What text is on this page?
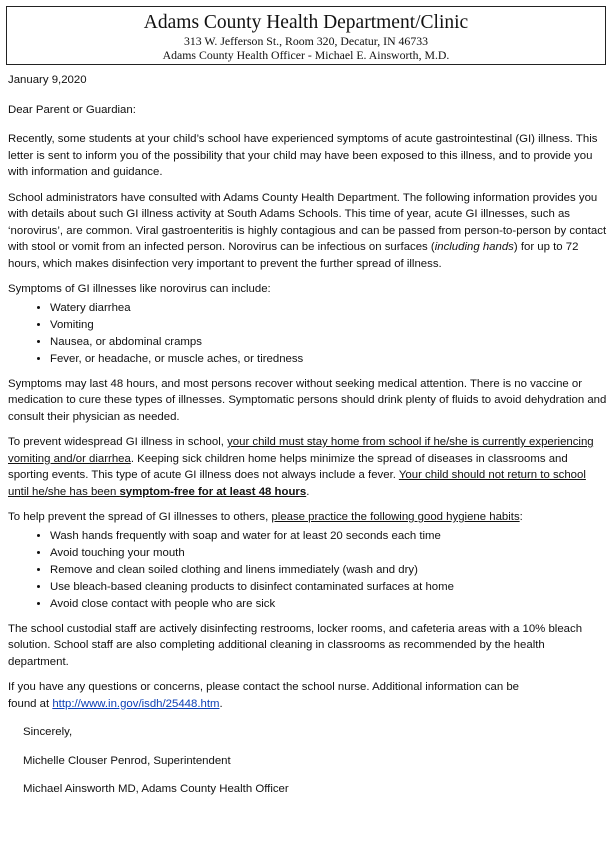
Adams County Health Department/Clinic
313 W. Jefferson St., Room 320, Decatur, IN 46733
Adams County Health Officer - Michael E. Ainsworth, M.D.

January 9,2020

Dear Parent or Guardian:

Recently, some students at your child’s school have experienced symptoms of acute gastrointestinal (GI) illness. This letter is sent to inform you of the possibility that your child may have been exposed to this illness, and to provide you with information and guidance.

School administrators have consulted with Adams County Health Department. The following information provides you with details about such GI illness activity at South Adams Schools. This time of year, acute GI illnesses, such as ‘norovirus’, are common. Viral gastroenteritis is highly contagious and can be passed from person-to-person by contact with stool or vomit from an infected person. Norovirus can be infectious on surfaces (including hands) for up to 72 hours, which makes disinfection very important to prevent the further spread of illness.

Symptoms of GI illnesses like norovirus can include:

• Watery diarrhea
• Vomiting
• Nausea, or abdominal cramps
• Fever, or headache, or muscle aches, or tiredness

Symptoms may last 48 hours, and most persons recover without seeking medical attention. There is no vaccine or medication to cure these types of illnesses. Symptomatic persons should drink plenty of fluids to avoid dehydration and consult their physician as needed.

To prevent widespread GI illness in school, your child must stay home from school if he/she is currently experiencing vomiting and/or diarrhea. Keeping sick children home helps minimize the spread of diseases in classrooms and sporting events. This type of acute GI illness does not always include a fever. Your child should not return to school until he/she has been symptom-free for at least 48 hours.

To help prevent the spread of GI illnesses to others, please practice the following good hygiene habits:

• Wash hands frequently with soap and water for at least 20 seconds each time
• Avoid touching your mouth
• Remove and clean soiled clothing and linens immediately (wash and dry)
• Use bleach-based cleaning products to disinfect contaminated surfaces at home
• Avoid close contact with people who are sick

The school custodial staff are actively disinfecting restrooms, locker rooms, and cafeteria areas with a 10% bleach solution. School staff are also completing additional cleaning in classrooms as recommended by the health department.

If you have any questions or concerns, please contact the school nurse. Additional information can be found at http://www.in.gov/isdh/25448.htm.

Sincerely,

Michelle Clouser Penrod, Superintendent

Michael Ainsworth MD, Adams County Health Officer
